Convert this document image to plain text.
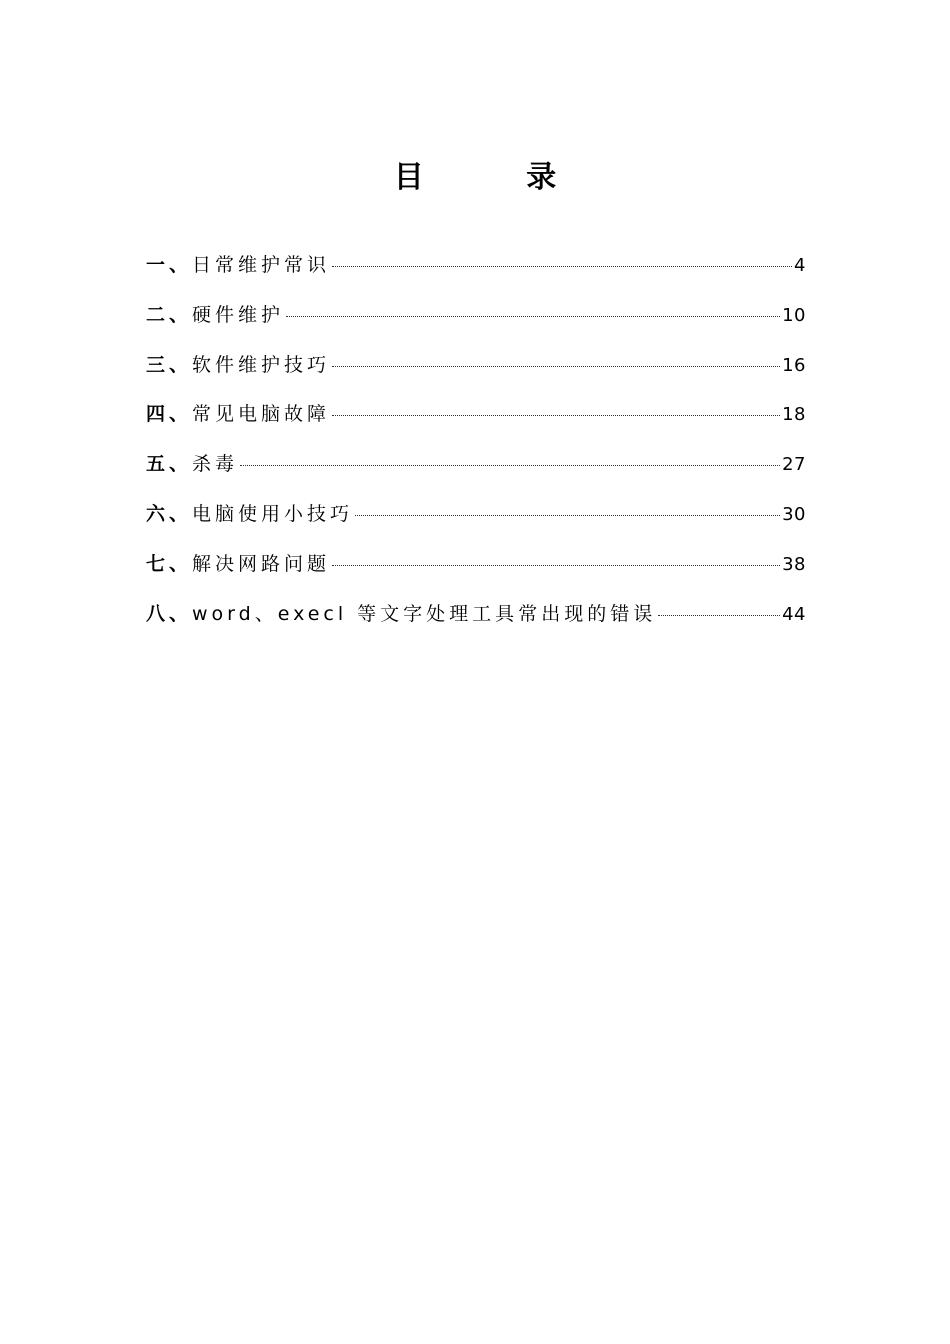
目 录
一、日常维护常识	4
二、硬件维护	10
三、软件维护技巧	16
四、常见电脑故障	18
五、杀毒	27
六、电脑使用小技巧	30
七、解决网路问题	38
八、word、execl 等文字处理工具常出现的错误	44
